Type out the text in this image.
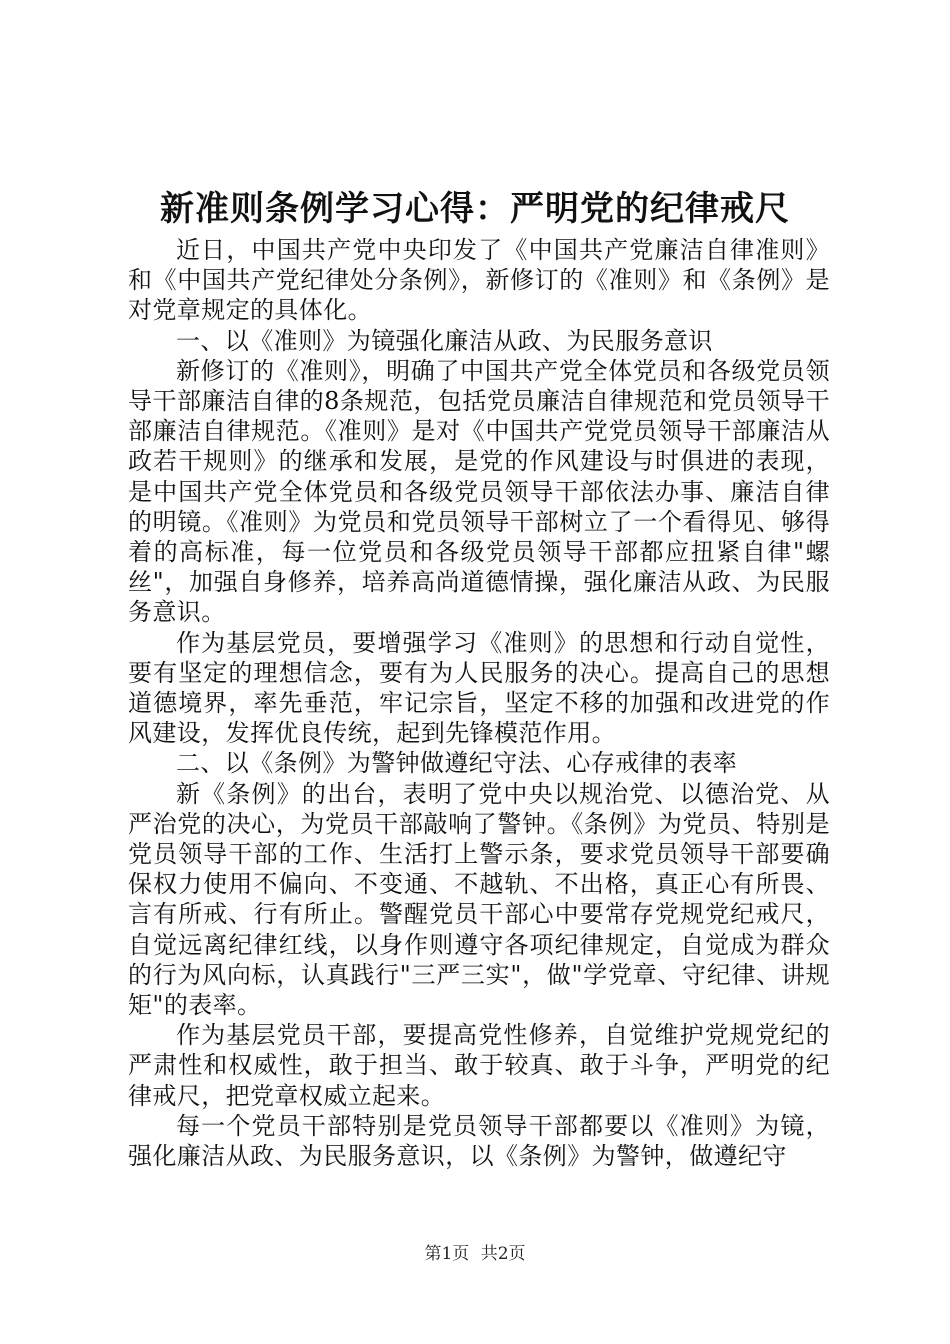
新准则条例学习心得：严明党的纪律戒尺

近日，中国共产党中央印发了《中国共产党廉洁自律准则》和《中国共产党纪律处分条例》，新修订的《准则》和《条例》是对党章规定的具体化。

一、以《准则》为镜强化廉洁从政、为民服务意识

新修订的《准则》，明确了中国共产党全体党员和各级党员领导干部廉洁自律的8条规范，包括党员廉洁自律规范和党员领导干部廉洁自律规范。《准则》是对《中国共产党党员领导干部廉洁从政若干规则》的继承和发展，是党的作风建设与时俱进的表现，是中国共产党全体党员和各级党员领导干部依法办事、廉洁自律的明镜。《准则》为党员和党员领导干部树立了一个看得见、够得着的高标准，每一位党员和各级党员领导干部都应扭紧自律"螺丝"，加强自身修养，培养高尚道德情操，强化廉洁从政、为民服务意识。

作为基层党员，要增强学习《准则》的思想和行动自觉性，要有坚定的理想信念，要有为人民服务的决心。提高自己的思想道德境界，率先垂范，牢记宗旨，坚定不移的加强和改进党的作风建设，发挥优良传统，起到先锋模范作用。

二、以《条例》为警钟做遵纪守法、心存戒律的表率

新《条例》的出台，表明了党中央以规治党、以德治党、从严治党的决心，为党员干部敲响了警钟。《条例》为党员、特别是党员领导干部的工作、生活打上警示条，要求党员领导干部要确保权力使用不偏向、不变通、不越轨、不出格，真正心有所畏、言有所戒、行有所止。警醒党员干部心中要常存党规党纪戒尺，自觉远离纪律红线，以身作则遵守各项纪律规定，自觉成为群众的行为风向标，认真践行"三严三实"，做"学党章、守纪律、讲规矩"的表率。

作为基层党员干部，要提高党性修养，自觉维护党规党纪的严肃性和权威性，敢于担当、敢于较真、敢于斗争，严明党的纪律戒尺，把党章权威立起来。

每一个党员干部特别是党员领导干部都要以《准则》为镜，强化廉洁从政、为民服务意识，以《条例》为警钟，做遵纪守

第1页 共2页
